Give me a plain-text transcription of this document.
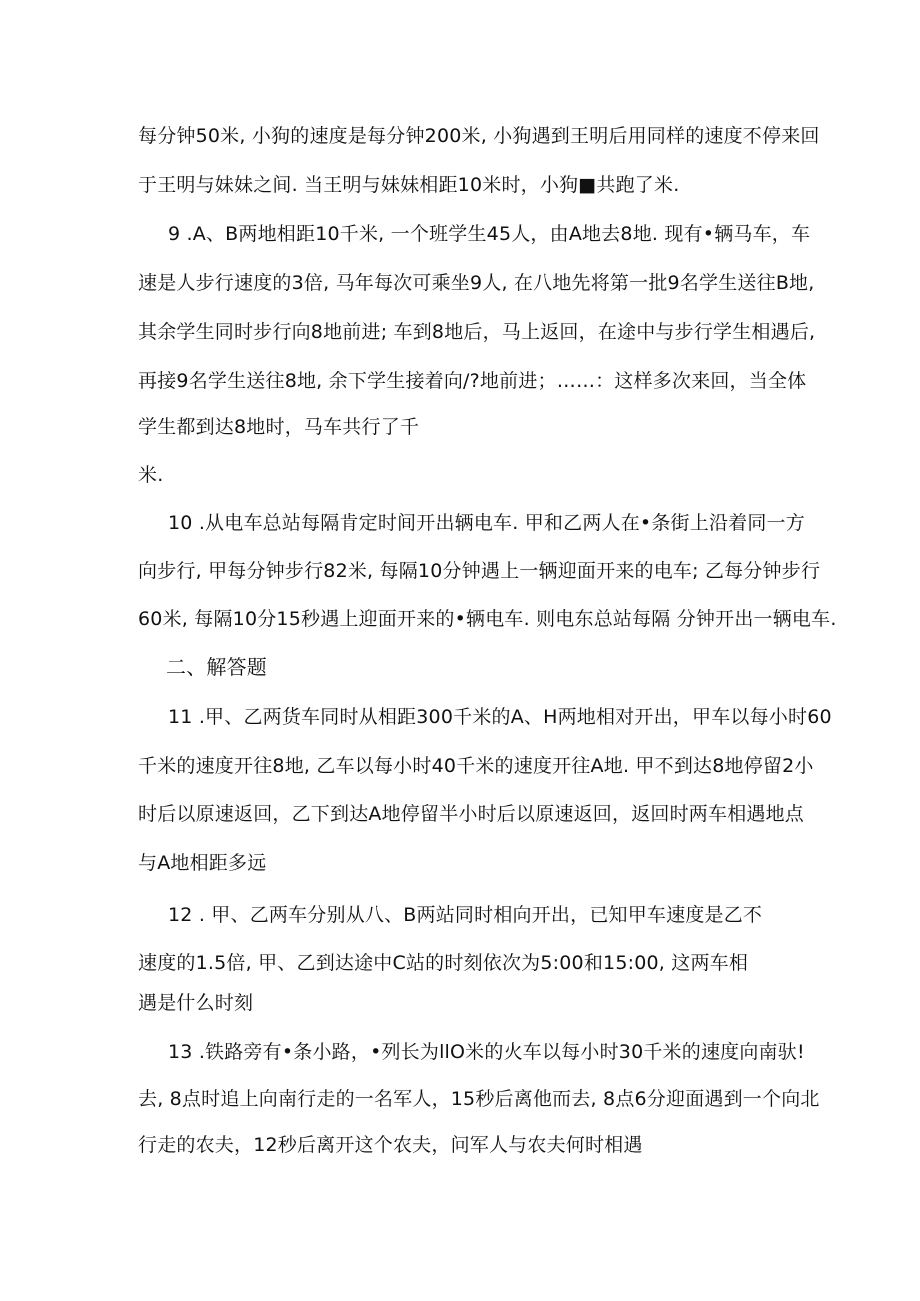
每分钟50米, 小狗的速度是每分钟200米, 小狗遇到王明后用同样的速度不停来回
于王明与妹妹之间. 当王明与妹妹相距10米时，小狗■共跑了米.
9 .A、B两地相距10千米, 一个班学生45人，由A地去8地. 现有•辆马车，车
速是人步行速度的3倍, 马年每次可乘坐9人, 在八地先将第一批9名学生送往B地,
其余学生同时步行向8地前进; 车到8地后，马上返回，在途中与步行学生相遇后,
再接9名学生送往8地, 余下学生接着向/?地前进；……：这样多次来回，当全体
学生都到达8地时，马车共行了千
米.
10 .从电车总站每隔肯定时间开出辆电车. 甲和乙两人在•条街上沿着同一方
向步行, 甲每分钟步行82米, 每隔10分钟遇上一辆迎面开来的电车; 乙每分钟步行
60米, 每隔10分15秒遇上迎面开来的•辆电车. 则电东总站每隔 分钟开出一辆电车.
二、解答题
11 .甲、乙两货车同时从相距300千米的A、H两地相对开出，甲车以每小时60
千米的速度开往8地, 乙车以每小时40千米的速度开往A地. 甲不到达8地停留2小
时后以原速返回，乙下到达A地停留半小时后以原速返回，返回时两车相遇地点
与A地相距多远
12 . 甲、乙两车分别从八、B两站同时相向开出，已知甲车速度是乙不
速度的1.5倍, 甲、乙到达途中C站的时刻依次为5:00和15:00, 这两车相
遇是什么时刻
13 .铁路旁有•条小路，•列长为llO米的火车以每小时30千米的速度向南驮!
去, 8点时追上向南行走的一名军人，15秒后离他而去, 8点6分迎面遇到一个向北
行走的农夫，12秒后离开这个农夫，问军人与农夫何时相遇
